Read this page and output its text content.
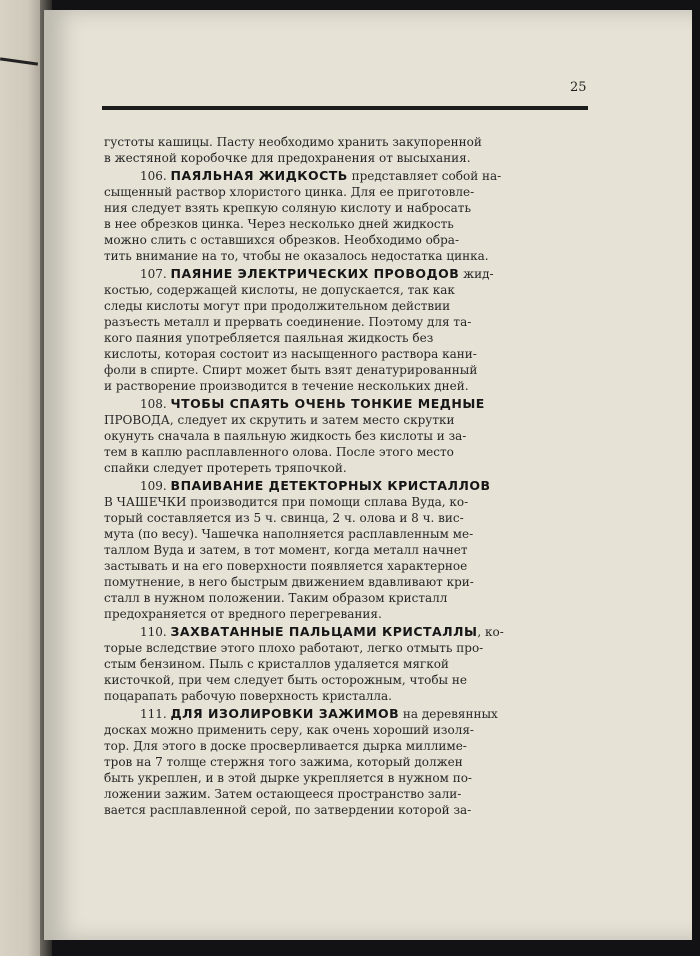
25
густоты кашицы. Пасту необходимо хранить закупоренной
в жестяной коробочке для предохранения от высыхания.
106. ПАЯЛЬНАЯ ЖИДКОСТЬ представляет собой на-
сыщенный раствор хлористого цинка. Для ее приготовле-
ния следует взять крепкую соляную кислоту и набросать
в нее обрезков цинка. Через несколько дней жидкость
можно слить с оставшихся обрезков. Необходимо обра-
тить внимание на то, чтобы не оказалось недостатка цинка.
107. ПАЯНИЕ ЭЛЕКТРИЧЕСКИХ ПРОВОДОВ жид-
костью, содержащей кислоты, не допускается, так как
следы кислоты могут при продолжительном действии
разъесть металл и прервать соединение. Поэтому для та-
кого паяния употребляется паяльная жидкость без
кислоты, которая состоит из насыщенного раствора кани-
фоли в спирте. Спирт может быть взят денатурированный
и растворение производится в течение нескольких дней.
108. ЧТОБЫ СПАЯТЬ ОЧЕНЬ ТОНКИЕ МЕДНЫЕ
ПРОВОДА, следует их скрутить и затем место скрутки
окунуть сначала в паяльную жидкость без кислоты и за-
тем в каплю расплавленного олова. После этого место
спайки следует протереть тряпочкой.
109. ВПАИВАНИЕ ДЕТЕКТОРНЫХ КРИСТАЛЛОВ
В ЧАШЕЧКИ производится при помощи сплава Вуда, ко-
торый составляется из 5 ч. свинца, 2 ч. олова и 8 ч. вис-
мута (по весу). Чашечка наполняется расплавленным ме-
таллом Вуда и затем, в тот момент, когда металл начнет
застывать и на его поверхности появляется характерное
помутнение, в него быстрым движением вдавливают кри-
сталл в нужном положении. Таким образом кристалл
предохраняется от вредного перегревания.
110. ЗАХВАТАННЫЕ ПАЛЬЦАМИ КРИСТАЛЛЫ, ко-
торые вследствие этого плохо работают, легко отмыть про-
стым бензином. Пыль с кристаллов удаляется мягкой
кисточкой, при чем следует быть осторожным, чтобы не
поцарапать рабочую поверхность кристалла.
111. ДЛЯ ИЗОЛИРОВКИ ЗАЖИМОВ на деревянных
досках можно применить серу, как очень хороший изоля-
тор. Для этого в доске просверливается дырка миллиме-
тров на 7 толще стержня того зажима, который должен
быть укреплен, и в этой дырке укрепляется в нужном по-
ложении зажим. Затем остающееся пространство зали-
вается расплавленной серой, по затвердении которой за-
